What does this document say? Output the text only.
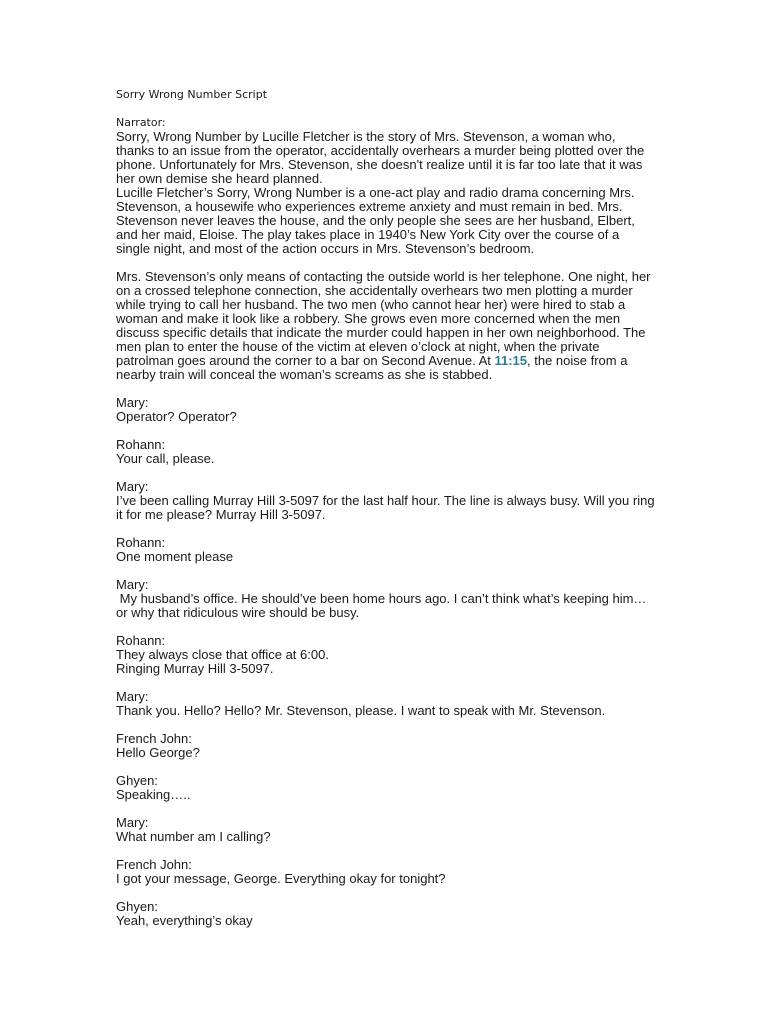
Sorry Wrong Number Script
Narrator:

Sorry, Wrong Number by Lucille Fletcher is the story of Mrs. Stevenson, a woman who, thanks to an issue from the operator, accidentally overhears a murder being plotted over the phone. Unfortunately for Mrs. Stevenson, she doesn't realize until it is far too late that it was her own demise she heard planned.

Lucille Fletcher’s Sorry, Wrong Number is a one-act play and radio drama concerning Mrs. Stevenson, a housewife who experiences extreme anxiety and must remain in bed. Mrs. Stevenson never leaves the house, and the only people she sees are her husband, Elbert, and her maid, Eloise. The play takes place in 1940’s New York City over the course of a single night, and most of the action occurs in Mrs. Stevenson’s bedroom.

Mrs. Stevenson’s only means of contacting the outside world is her telephone. One night, her on a crossed telephone connection, she accidentally overhears two men plotting a murder while trying to call her husband. The two men (who cannot hear her) were hired to stab a woman and make it look like a robbery. She grows even more concerned when the men discuss specific details that indicate the murder could happen in her own neighborhood. The men plan to enter the house of the victim at eleven o’clock at night, when the private patrolman goes around the corner to a bar on Second Avenue. At 11:15, the noise from a nearby train will conceal the woman’s screams as she is stabbed.

Mary:
Operator? Operator?
Rohann:
Your call, please.
Mary:
I’ve been calling Murray Hill 3-5097 for the last half hour. The line is always busy. Will you ring it for me please? Murray Hill 3-5097.
Rohann:
One moment please
Mary:
My husband’s office. He should’ve been home hours ago. I can’t think what’s keeping him… or why that ridiculous wire should be busy.
Rohann:
They always close that office at 6:00.
Ringing Murray Hill 3-5097.
Mary:
Thank you. Hello? Hello? Mr. Stevenson, please. I want to speak with Mr. Stevenson.
French John:
Hello George?
Ghyen:
Speaking…..
Mary:
What number am I calling?
French John:
I got your message, George. Everything okay for tonight?
Ghyen:
Yeah, everything’s okay
